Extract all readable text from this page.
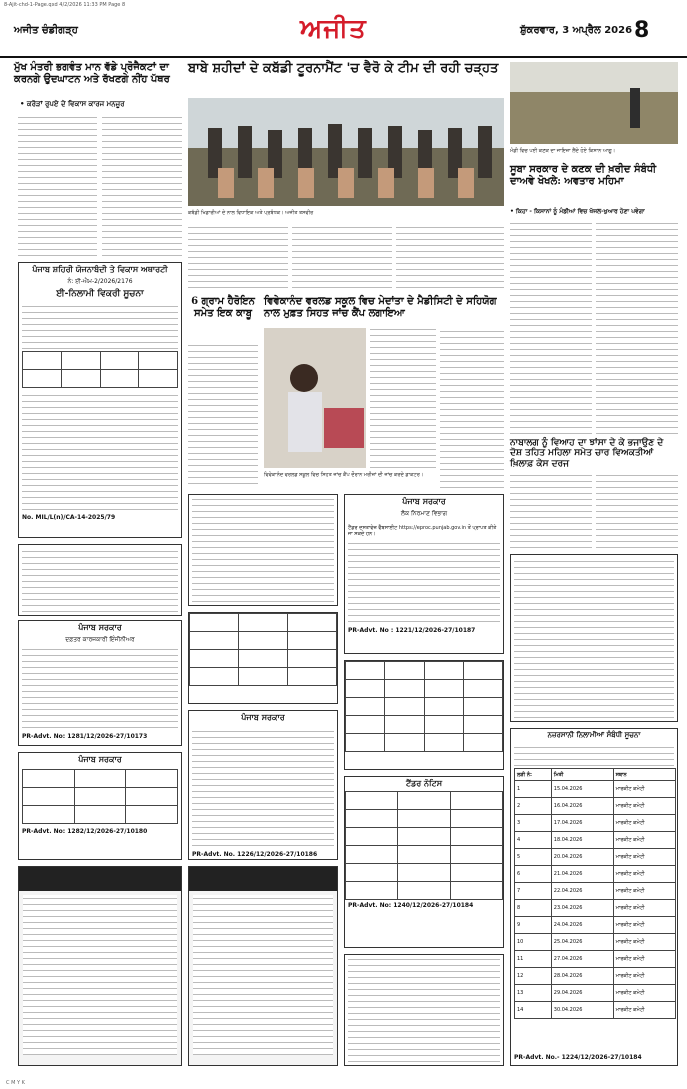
8-Ajit-chd-1-Page.qxd 4/2/2026 11:33 PM Page 8
ਅਜੀਤ ਚੰਡੀਗੜ੍ਹ	ਅਜੀਤ	ਸ਼ੁੱਕਰਵਾਰ, 3 ਅਪ੍ਰੈਲ 2026 8
ਮੁੱਖ ਮੰਤਰੀ ਭਗਵੰਤ ਮਾਨ ਵੱਡੇ ਪ੍ਰੋਜੈਕਟਾਂ ਦਾ ਕਰਨਗੇ ਉਦਘਾਟਨ ਅਤੇ ਰੱਖਣਗੇ ਨੀਂਹ ਪੱਥਰ
• ਕਰੋੜਾਂ ਰੁਪਏ ਦੇ ਵਿਕਾਸ ਕਾਰਜ ਮਨਜ਼ੂਰ
ਪੰਜਾਬ ਸ਼ਹਿਰੀ ਯੋਜਨਾਬੰਦੀ ਤੇ ਵਿਕਾਸ ਅਥਾਰਟੀ
ਨੰ: ਈ-ਐਮ-2/2026/2176
ਈ-ਨਿਲਾਮੀ ਵਿਕਰੀ ਸੂਚਨਾ

No. MIL/L(n)/CA-14-2025/79
ਪੰਜਾਬ ਸਰਕਾਰ
ਦਫ਼ਤਰ ਕਾਰਜਕਾਰੀ ਇੰਜੀਨੀਅਰ
PR-Advt. No: 1281/12/2026-27/10173
ਪੰਜਾਬ ਸਰਕਾਰ

PR-Advt. No: 1282/12/2026-27/10180
ਬਾਬੇ ਸ਼ਹੀਦਾਂ ਦੇ ਕਬੱਡੀ ਟੂਰਨਾਮੈਂਟ 'ਚ ਵੈਰੋ ਕੇ ਟੀਮ ਦੀ ਰਹੀ ਚੜ੍ਹਤ
ਕਬੱਡੀ ਖਿਡਾਰੀਆਂ ਦੇ ਨਾਲ ਵਿਧਾਇਕ ਅਤੇ ਪ੍ਰਬੰਧਕ। ਅਜੀਤ ਤਸਵੀਰ
ਮੰਡੀ ਵਿਚ ਪਈ ਕਣਕ ਦਾ ਜਾਇਜ਼ਾ ਲੈਂਦੇ ਹੋਏ ਕਿਸਾਨ ਆਗੂ।
ਸੂਬਾ ਸਰਕਾਰ ਦੇ ਕਣਕ ਦੀ ਖ਼ਰੀਦ ਸੰਬੰਧੀ ਦਾਅਵੇ ਖੋਖਲੇ: ਅਵਤਾਰ ਮਹਿਮਾ
• ਕਿਹਾ - ਕਿਸਾਨਾਂ ਨੂੰ ਮੰਡੀਆਂ ਵਿਚ ਖੱਜਲ-ਖੁਆਰ ਹੋਣਾ ਪਵੇਗਾ
6 ਗ੍ਰਾਮ ਹੈਰੋਇਨ ਸਮੇਤ ਇਕ ਕਾਬੂ
ਵਿਵੇਕਾਨੰਦ ਵਰਲਡ ਸਕੂਲ ਵਿਚ ਮੇਦਾਂਤਾ ਦੇ ਮੈਡੀਸਿਟੀ ਦੇ ਸਹਿਯੋਗ ਨਾਲ ਮੁਫ਼ਤ ਸਿਹਤ ਜਾਂਚ ਕੈਂਪ ਲਗਾਇਆ
ਵਿਵੇਕਾਨੰਦ ਵਰਲਡ ਸਕੂਲ ਵਿਚ ਸਿਹਤ ਜਾਂਚ ਕੈਂਪ ਦੌਰਾਨ ਮਰੀਜ਼ਾਂ ਦੀ ਜਾਂਚ ਕਰਦੇ ਡਾਕਟਰ।
ਨਾਬਾਲਗ ਨੂੰ ਵਿਆਹ ਦਾ ਝਾਂਸਾ ਦੇ ਕੇ ਭਜਾਉਣ ਦੇ ਦੋਸ਼ ਤਹਿਤ ਮਹਿਲਾ ਸਮੇਤ ਚਾਰ ਵਿਅਕਤੀਆਂ ਖ਼ਿਲਾਫ਼ ਕੇਸ ਦਰਜ
ਪੰਜਾਬ ਸਰਕਾਰ
ਲੋਕ ਨਿਰਮਾਣ ਵਿਭਾਗ
ਟੈਂਡਰ ਦਸਤਾਵੇਜ਼ ਵੈੱਬਸਾਈਟ https://eproc.punjab.gov.in ਤੋਂ ਪ੍ਰਾਪਤ ਕੀਤੇ ਜਾ ਸਕਦੇ ਹਨ।
PR-Advt. No : 1221/12/2026-27/10187

ਨਜ਼ਰਸਾਨੀ ਨਿਲਾਮੀਆਂ ਸੰਬੰਧੀ ਸੂਚਨਾ
ਲੜੀ ਨੰ:	ਮਿਤੀ	ਸਥਾਨ
1	15.04.2026	ਮਾਰਕੀਟ ਕਮੇਟੀ
2	16.04.2026	ਮਾਰਕੀਟ ਕਮੇਟੀ
3	17.04.2026	ਮਾਰਕੀਟ ਕਮੇਟੀ
4	18.04.2026	ਮਾਰਕੀਟ ਕਮੇਟੀ
5	20.04.2026	ਮਾਰਕੀਟ ਕਮੇਟੀ
6	21.04.2026	ਮਾਰਕੀਟ ਕਮੇਟੀ
7	22.04.2026	ਮਾਰਕੀਟ ਕਮੇਟੀ
8	23.04.2026	ਮਾਰਕੀਟ ਕਮੇਟੀ
9	24.04.2026	ਮਾਰਕੀਟ ਕਮੇਟੀ
10	25.04.2026	ਮਾਰਕੀਟ ਕਮੇਟੀ
11	27.04.2026	ਮਾਰਕੀਟ ਕਮੇਟੀ
12	28.04.2026	ਮਾਰਕੀਟ ਕਮੇਟੀ
13	29.04.2026	ਮਾਰਕੀਟ ਕਮੇਟੀ
14	30.04.2026	ਮਾਰਕੀਟ ਕਮੇਟੀ
PR-Advt. No.- 1224/12/2026-27/10184
ਪੰਜਾਬ ਸਰਕਾਰ
PR-Advt. No. 1226/12/2026-27/10186

ਟੈਂਡਰ ਨੋਟਿਸ

PR-Advt. No: 1240/12/2026-27/10184
C M Y K
